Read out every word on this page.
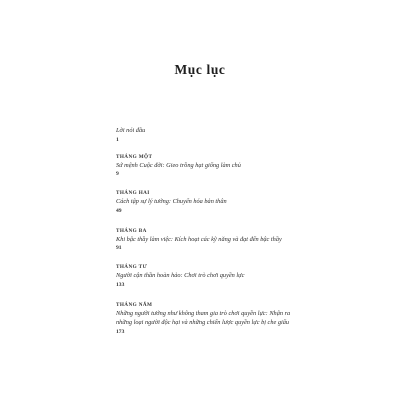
Mục lục
Lời nói đầu
1
THÁNG MỘT
Sứ mệnh Cuộc đời: Gieo trồng hạt giống làm chủ
9
THÁNG HAI
Cách tập sự lý tưởng: Chuyển hóa bản thân
49
THÁNG BA
Khi bậc thầy làm việc: Kích hoạt các kỹ năng và đạt đến bậc thầy
91
THÁNG TƯ
Người cận thần hoàn hảo: Chơi trò chơi quyền lực
133
THÁNG NĂM
Những người tưởng như không tham gia trò chơi quyền lực: Nhận ra những loại người độc hại và những chiến lược quyền lực bị che giấu
173
